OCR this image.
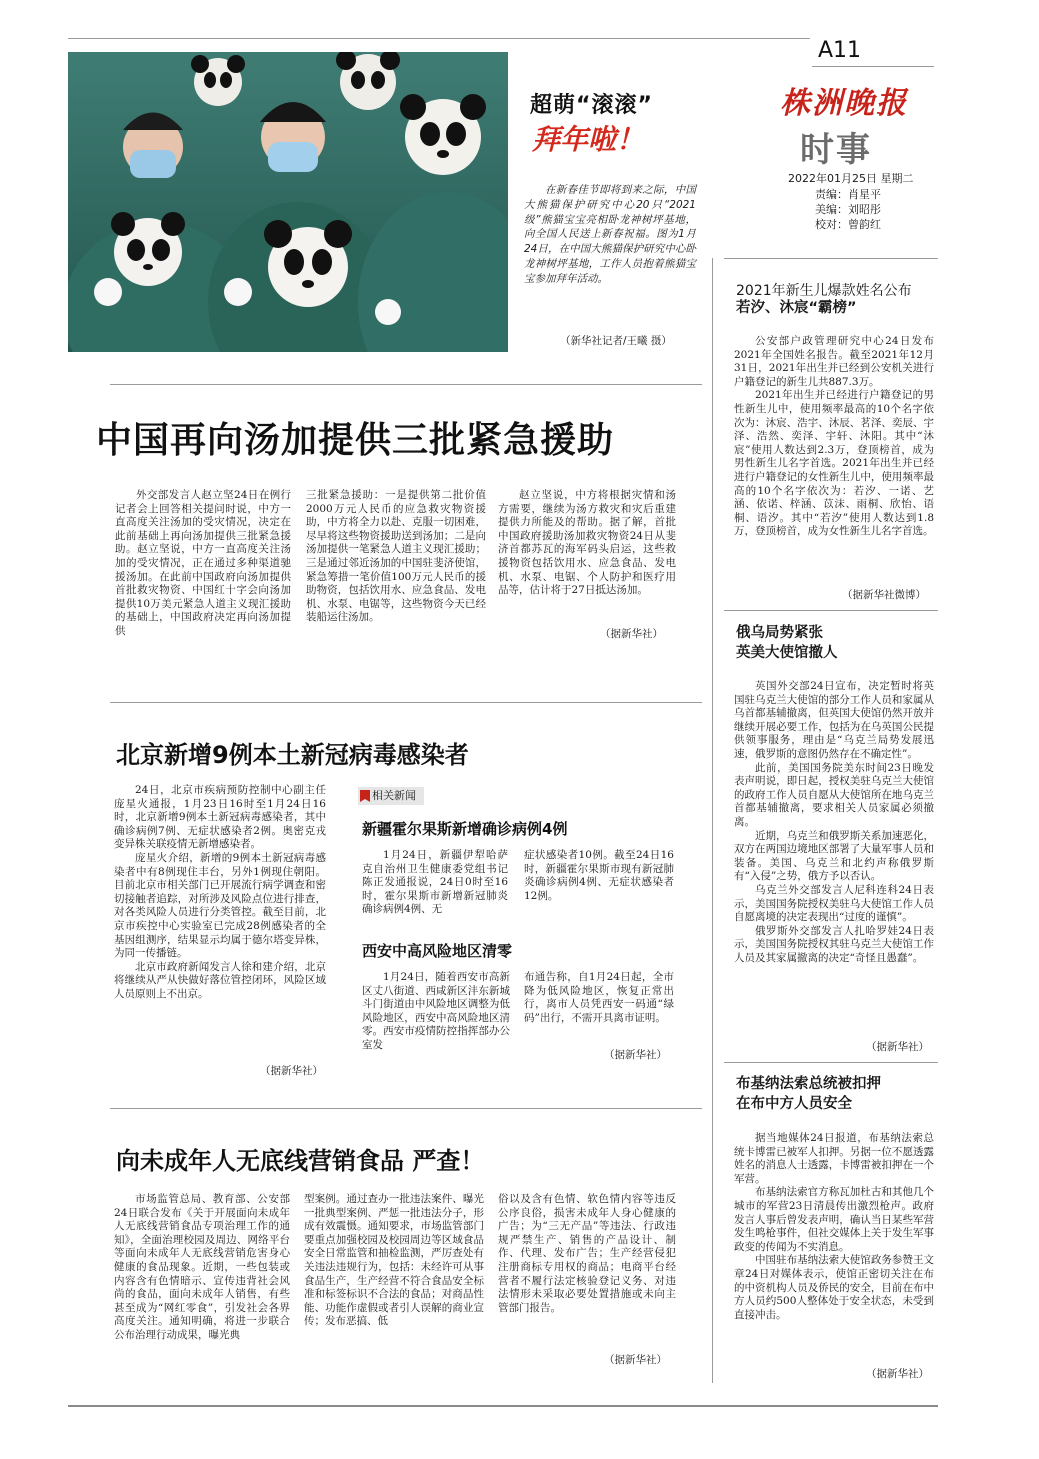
超萌“滚滚”
拜年啦！
在新春佳节即将到来之际，中国大熊猫保护研究中心20只“2021级”熊猫宝宝亮相卧龙神树坪基地，向全国人民送上新春祝福。图为1月24日，在中国大熊猫保护研究中心卧龙神树坪基地，工作人员抱着熊猫宝宝参加拜年活动。
（新华社记者/王曦 摄）
A11
株洲晚报
时事
2022年01月25日 星期二
责编：肖星平
美编：刘昭彤
校对：曾韵红
中国再向汤加提供三批紧急援助

外交部发言人赵立坚24日在例行记者会上回答相关提问时说，中方一直高度关注汤加的受灾情况，决定在此前基础上再向汤加提供三批紧急援助。赵立坚说，中方一直高度关注汤加的受灾情况，正在通过多种渠道驰援汤加。在此前中国政府向汤加提供首批救灾物资、中国红十字会向汤加提供10万美元紧急人道主义现汇援助的基础上，中国政府决定再向汤加提供

三批紧急援助：一是提供第二批价值2000万元人民币的应急救灾物资援助，中方将全力以赴、克服一切困难，尽早将这些物资援助送到汤加；二是向汤加提供一笔紧急人道主义现汇援助；三是通过邻近汤加的中国驻斐济使馆，紧急筹措一笔价值100万元人民币的援助物资，包括饮用水、应急食品、发电机、水泵、电锯等，这些物资今天已经装船运往汤加。

赵立坚说，中方将根据灾情和汤方需要，继续为汤方救灾和灾后重建提供力所能及的帮助。据了解，首批中国政府援助汤加救灾物资24日从斐济首都苏瓦的海军码头启运，这些救援物资包括饮用水、应急食品、发电机、水泵、电锯、个人防护和医疗用品等，估计将于27日抵达汤加。

（据新华社）
北京新增9例本土新冠病毒感染者

24日，北京市疾病预防控制中心副主任庞星火通报，1月23日16时至1月24日16时，北京新增9例本土新冠病毒感染者，其中确诊病例7例、无症状感染者2例。奥密克戎变异株关联疫情无新增感染者。

庞星火介绍，新增的9例本土新冠病毒感染者中有8例现住丰台，另外1例现住朝阳。目前北京市相关部门已开展流行病学调查和密切接触者追踪，对所涉及风险点位进行排查，对各类风险人员进行分类管控。截至目前，北京市疾控中心实验室已完成28例感染者的全基因组测序，结果显示均属于德尔塔变异株，为同一传播链。

北京市政府新闻发言人徐和建介绍，北京将继续从严从快做好落位管控闭环，风险区域人员原则上不出京。

（据新华社）
相关新闻
新疆霍尔果斯新增确诊病例4例

1月24日，新疆伊犁哈萨克自治州卫生健康委党组书记陈正发通报说，24日0时至16时，霍尔果斯市新增新冠肺炎确诊病例4例、无

症状感染者10例。截至24日16时，新疆霍尔果斯市现有新冠肺炎确诊病例4例、无症状感染者12例。

西安中高风险地区清零

1月24日，随着西安市高新区丈八街道、西咸新区沣东新城斗门街道由中风险地区调整为低风险地区，西安中高风险地区清零。西安市疫情防控指挥部办公室发

布通告称，自1月24日起，全市降为低风险地区，恢复正常出行，离市人员凭西安一码通“绿码”出行，不需开具离市证明。

（据新华社）
向未成年人无底线营销食品 严查！

市场监管总局、教育部、公安部24日联合发布《关于开展面向未成年人无底线营销食品专项治理工作的通知》，全面治理校园及周边、网络平台等面向未成年人无底线营销危害身心健康的食品现象。近期，一些包装或内容含有色情暗示、宣传违背社会风尚的食品，面向未成年人销售，有些甚至成为“网红零食”，引发社会各界高度关注。通知明确，将进一步联合公布治理行动成果，曝光典

型案例。通过查办一批违法案件、曝光一批典型案例、严惩一批违法分子，形成有效震慑。通知要求，市场监管部门要重点加强校园及校园周边等区域食品安全日常监管和抽检监测，严厉查处有关违法违规行为，包括：未经许可从事食品生产，生产经营不符合食品安全标准和标签标识不合法的食品；对商品性能、功能作虚假或者引人误解的商业宣传；发布恶搞、低

俗以及含有色情、软色情内容等违反公序良俗，损害未成年人身心健康的广告；为“三无产品”等违法、行政违规严禁生产、销售的产品设计、制作、代理、发布广告；生产经营侵犯注册商标专用权的商品；电商平台经营者不履行法定核验登记义务、对违法情形未采取必要处置措施或未向主管部门报告。

（据新华社）
2021年新生儿爆款姓名公布
若汐、沐宸“霸榜”

公安部户政管理研究中心24日发布2021年全国姓名报告。截至2021年12月31日，2021年出生并已经到公安机关进行户籍登记的新生儿共887.3万。

2021年出生并已经进行户籍登记的男性新生儿中，使用频率最高的10个名字依次为：沐宸、浩宇、沐辰、茗泽、奕辰、宇泽、浩然、奕泽、宇轩、沐阳。其中“沐宸”使用人数达到2.3万，登顶榜首，成为男性新生儿名字首选。2021年出生并已经进行户籍登记的女性新生儿中，使用频率最高的10个名字依次为：若汐、一诺、艺涵、依诺、梓涵、苡沫、雨桐、欣怡、语桐、语汐。其中“若汐”使用人数达到1.8万，登顶榜首，成为女性新生儿名字首选。

（据新华社微博）
俄乌局势紧张
英美大使馆撤人

英国外交部24日宣布，决定暂时将英国驻乌克兰大使馆的部分工作人员和家属从乌首都基辅撤离，但英国大使馆仍然开放并继续开展必要工作，包括为在乌英国公民提供领事服务，理由是“乌克兰局势发展迅速，俄罗斯的意图仍然存在不确定性”。

此前，美国国务院美东时间23日晚发表声明说，即日起，授权美驻乌克兰大使馆的政府工作人员自愿从大使馆所在地乌克兰首都基辅撤离，要求相关人员家属必须撤离。

近期，乌克兰和俄罗斯关系加速恶化，双方在两国边境地区部署了大量军事人员和装备。美国、乌克兰和北约声称俄罗斯有“入侵”之势，俄方予以否认。

乌克兰外交部发言人尼科连科24日表示，美国国务院授权美驻乌大使馆工作人员自愿离境的决定表现出“过度的谨慎”。

俄罗斯外交部发言人扎哈罗娃24日表示，美国国务院授权其驻乌克兰大使馆工作人员及其家属撤离的决定“奇怪且愚蠢”。

（据新华社）
布基纳法索总统被扣押
在布中方人员安全

据当地媒体24日报道，布基纳法索总统卡博雷已被军人扣押。另据一位不愿透露姓名的消息人士透露，卡博雷被扣押在一个军营。

布基纳法索官方称瓦加杜古和其他几个城市的军营23日清晨传出激烈枪声。政府发言人事后曾发表声明，确认当日某些军营发生鸣枪事件，但社交媒体上关于发生军事政变的传闻为不实消息。

中国驻布基纳法索大使馆政务参赞王文章24日对媒体表示，使馆正密切关注在布的中资机构人员及侨民的安全，目前在布中方人员约500人整体处于安全状态，未受到直接冲击。

（据新华社）
